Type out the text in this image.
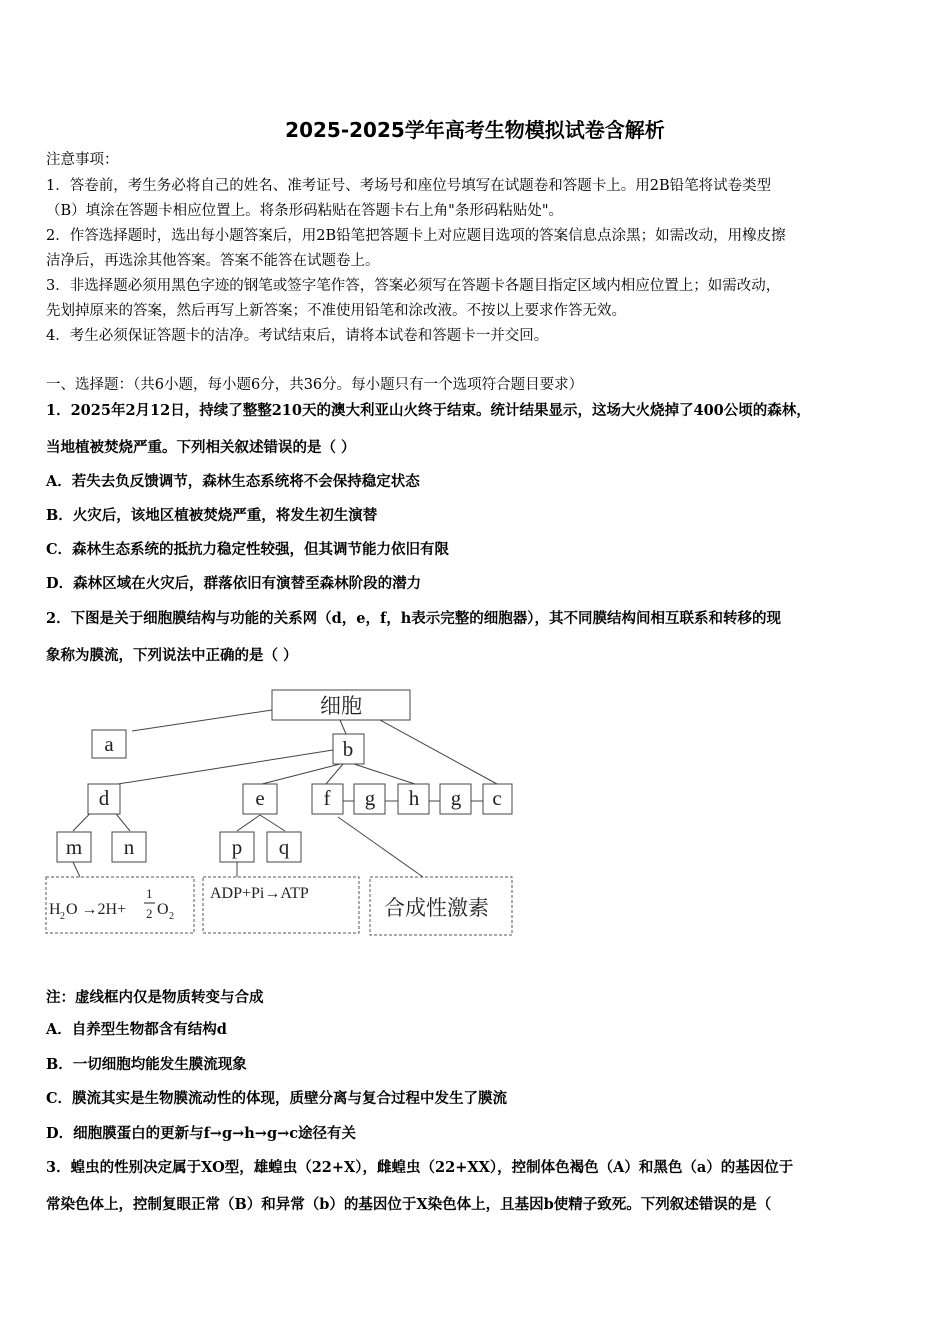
2025-2025学年高考生物模拟试卷含解析
注意事项：
1．答卷前，考生务必将自己的姓名、准考证号、考场号和座位号填写在试题卷和答题卡上。用2B铅笔将试卷类型
（B）填涂在答题卡相应位置上。将条形码粘贴在答题卡右上角"条形码粘贴处"。
2．作答选择题时，选出每小题答案后，用2B铅笔把答题卡上对应题目选项的答案信息点涂黑；如需改动，用橡皮擦
洁净后，再选涂其他答案。答案不能答在试题卷上。
3．非选择题必须用黑色字迹的钢笔或签字笔作答，答案必须写在答题卡各题目指定区域内相应位置上；如需改动，
先划掉原来的答案，然后再写上新答案；不准使用铅笔和涂改液。不按以上要求作答无效。
4．考生必须保证答题卡的洁净。考试结束后，请将本试卷和答题卡一并交回。
一、选择题：（共6小题，每小题6分，共36分。每小题只有一个选项符合题目要求）
1．2025年2月12日，持续了整整210天的澳大利亚山火终于结束。统计结果显示，这场大火烧掉了400公顷的森林，
当地植被焚烧严重。下列相关叙述错误的是（ ）
A．若失去负反馈调节，森林生态系统将不会保持稳定状态
B．火灾后，该地区植被焚烧严重，将发生初生演替
C．森林生态系统的抵抗力稳定性较强，但其调节能力依旧有限
D．森林区域在火灾后，群落依旧有演替至森林阶段的潜力
2．下图是关于细胞膜结构与功能的关系网（d，e，f，h表示完整的细胞器），其不同膜结构间相互联系和转移的现
象称为膜流，下列说法中正确的是（ ）
细胞
a	b
d	e	f g h g c
m n	p q
H 2 O →2H+
1
2 O 2
ADP+Pi→ATP
合成性激素
注：虚线框内仅是物质转变与合成
A．自养型生物都含有结构d
B．一切细胞均能发生膜流现象
C．膜流其实是生物膜流动性的体现，质壁分离与复合过程中发生了膜流
D．细胞膜蛋白的更新与f→g→h→g→c途径有关
3．蝗虫的性别决定属于XO型，雄蝗虫（22+X），雌蝗虫（22+XX），控制体色褐色（A）和黑色（a）的基因位于
常染色体上，控制复眼正常（B）和异常（b）的基因位于X染色体上，且基因b使精子致死。下列叙述错误的是（
